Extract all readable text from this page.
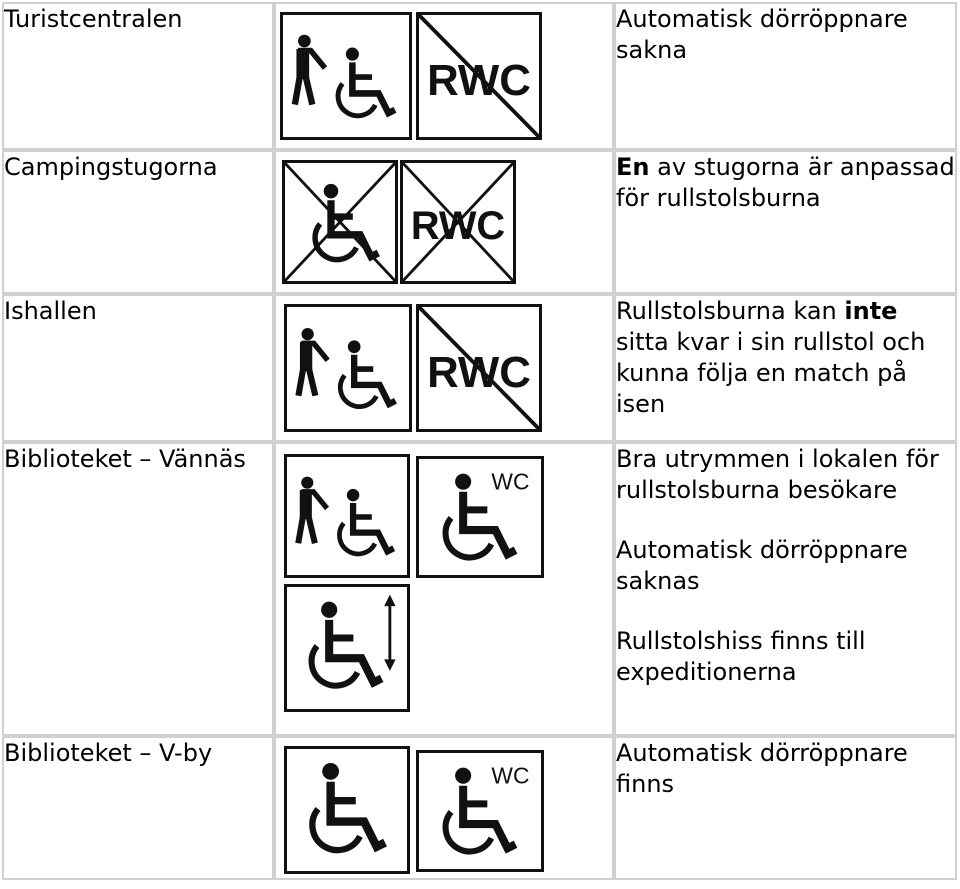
Turistcentralen	RWC	Automatisk dörröppnare sakna

Campingstugorna	RWC	En av stugorna är anpassad för rullstolsburna

Ishallen	RWC	Rullstolsburna kan inte sitta kvar i sin rullstol och kunna följa en match på isen

Biblioteket – Vännäs	WC	Bra utrymmen i lokalen för rullstolsburna besökare

Automatisk dörröppnare saknas

Rullstolshiss finns till expeditionerna

Biblioteket – V-by	WC	Automatisk dörröppnare finns
